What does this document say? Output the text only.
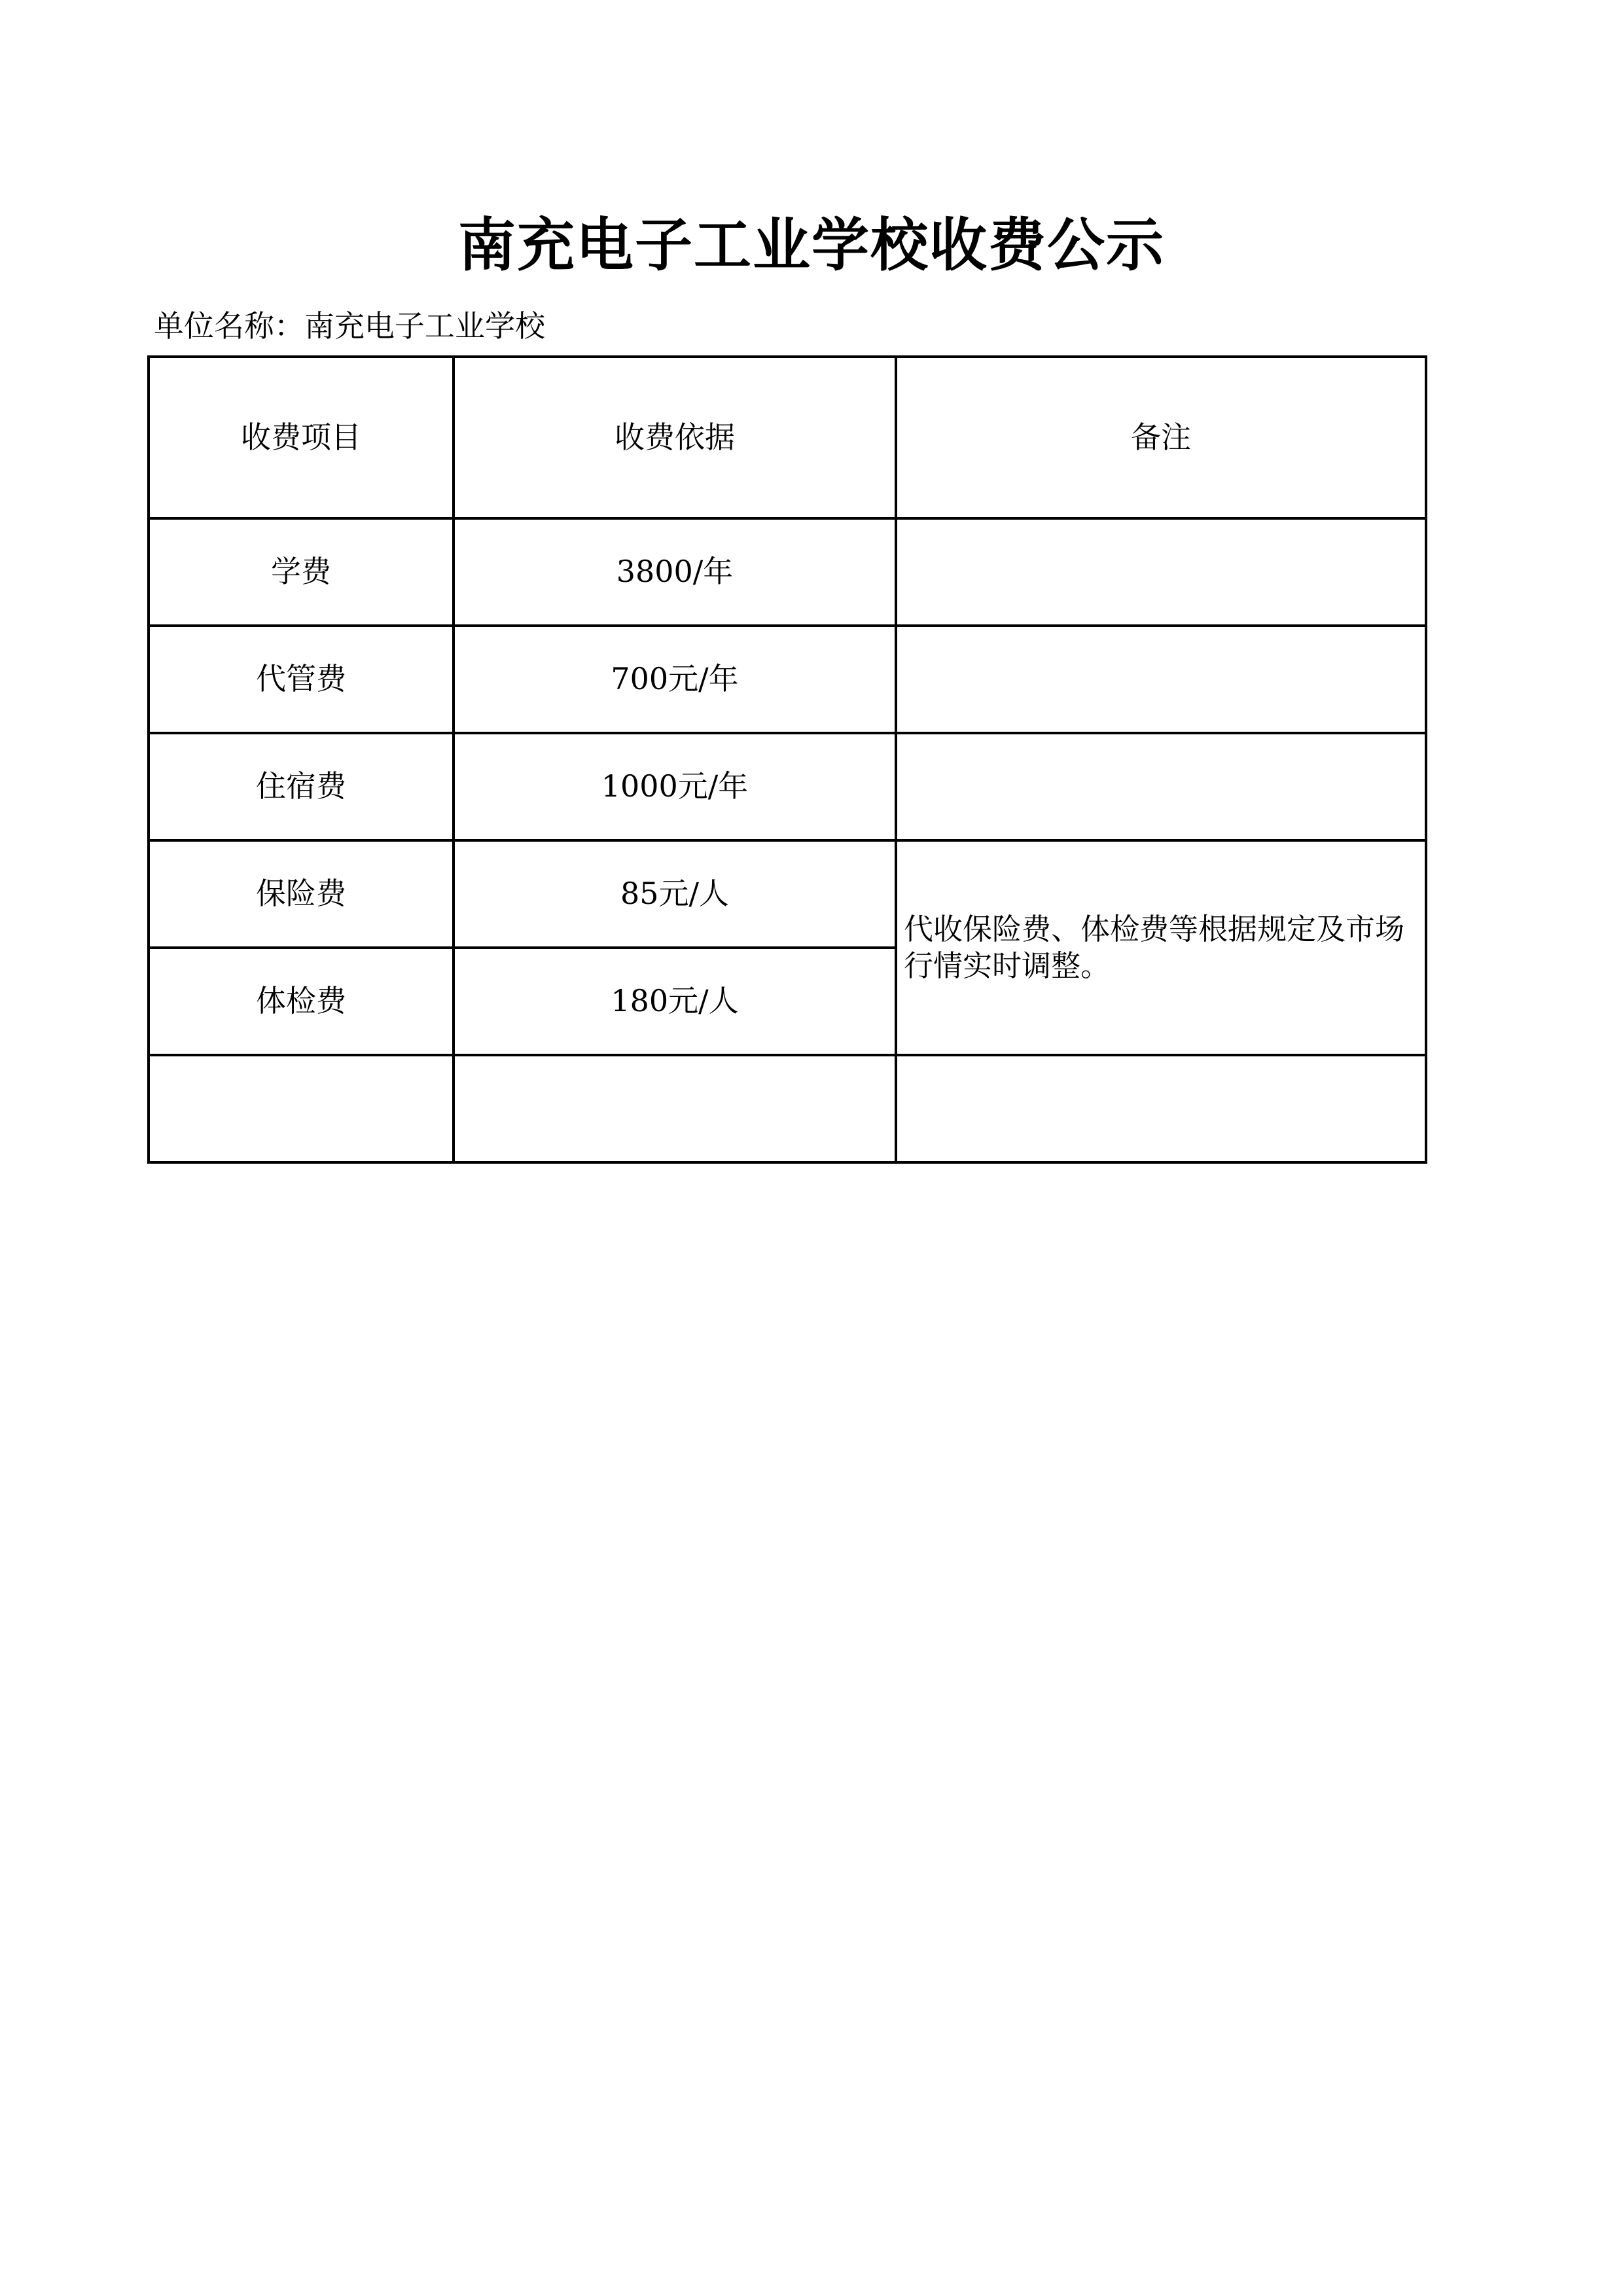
南充电子工业学校收费公示
单位名称：南充电子工业学校
收费项目	收费依据	备注
学费	3800/年	
代管费	700元/年	
住宿费	1000元/年	
保险费	85元/人	代收保险费、体检费等根据规定及市场行情实时调整。
体检费	180元/人	
